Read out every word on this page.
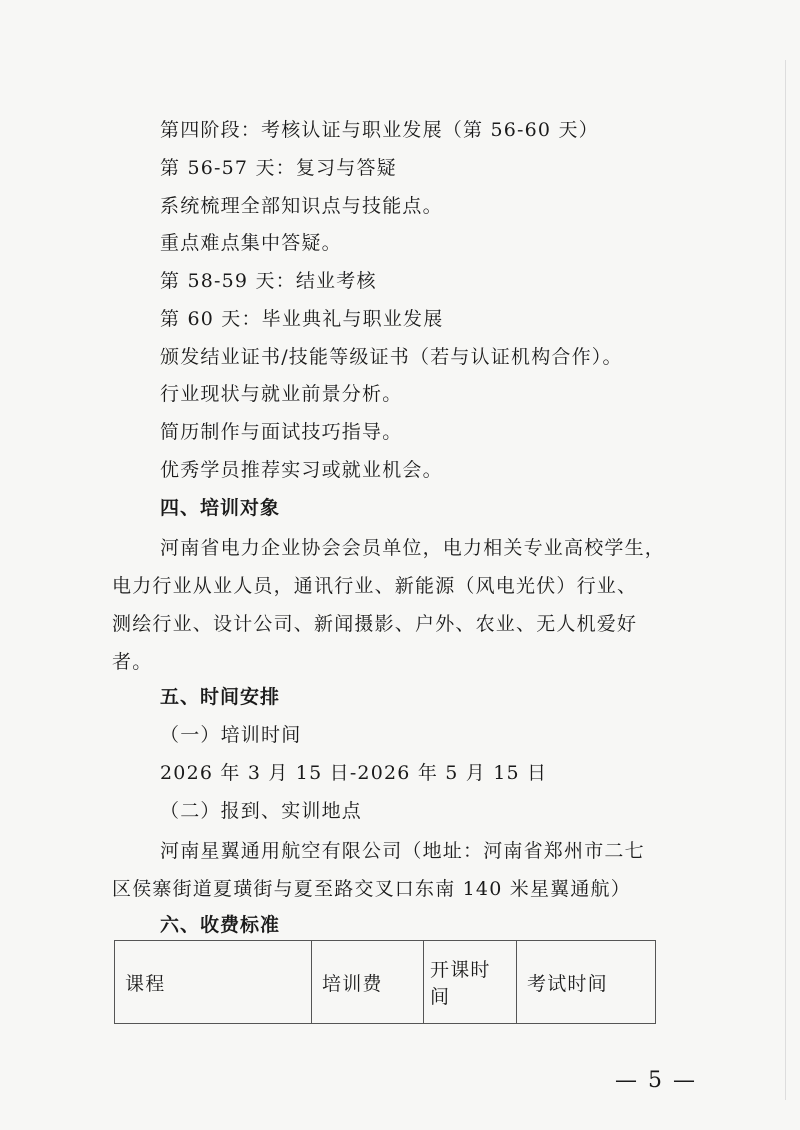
第四阶段：考核认证与职业发展（第 56-60 天）
第 56-57 天：复习与答疑
系统梳理全部知识点与技能点。
重点难点集中答疑。
第 58-59 天：结业考核
第 60 天：毕业典礼与职业发展
颁发结业证书/技能等级证书（若与认证机构合作）。
行业现状与就业前景分析。
简历制作与面试技巧指导。
优秀学员推荐实习或就业机会。
四、培训对象
河南省电力企业协会会员单位，电力相关专业高校学生，
电力行业从业人员，通讯行业、新能源（风电光伏）行业、
测绘行业、设计公司、新闻摄影、户外、农业、无人机爱好
者。
五、时间安排
（一）培训时间
2026 年 3 月 15 日-2026 年 5 月 15 日
（二）报到、实训地点
河南星翼通用航空有限公司（地址：河南省郑州市二七
区侯寨街道夏璜街与夏至路交叉口东南 140 米星翼通航）
六、收费标准
课程	培训费	开课时间	考试时间
— 5 —
